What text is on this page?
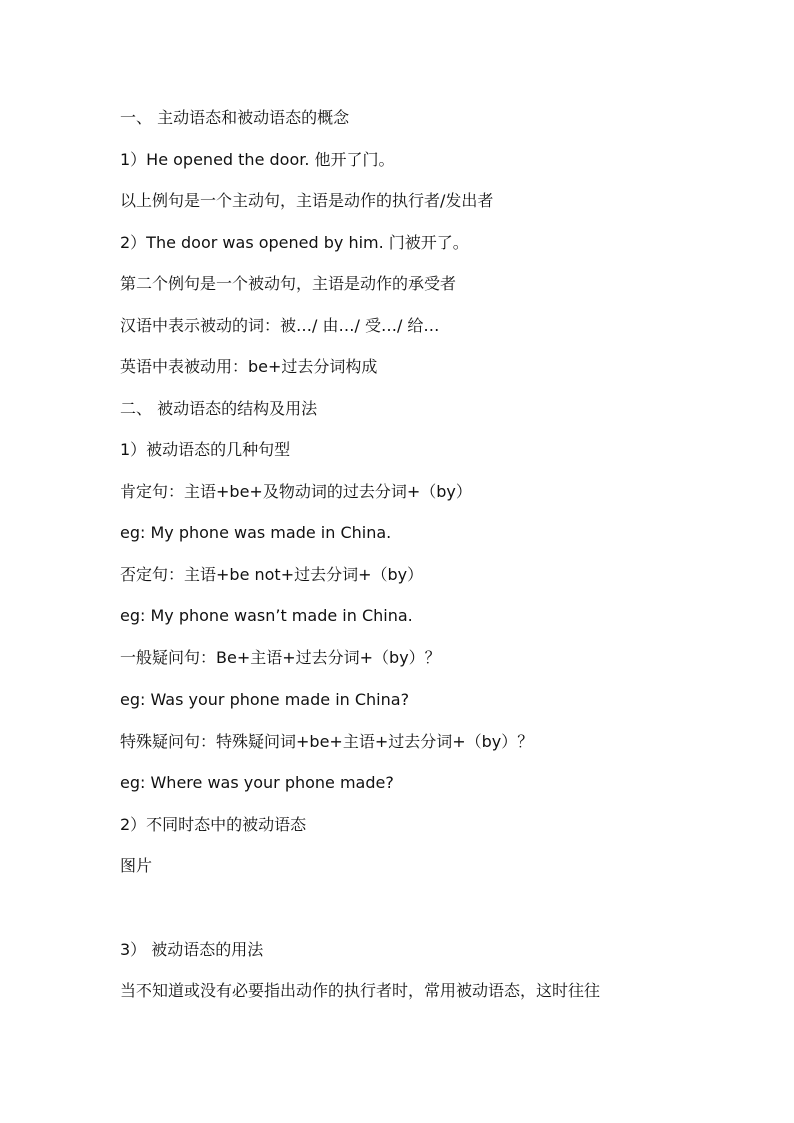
一、 主动语态和被动语态的概念
1）He opened the door. 他开了门。
以上例句是一个主动句，主语是动作的执行者/发出者
2）The door was opened by him. 门被开了。
第二个例句是一个被动句，主语是动作的承受者
汉语中表示被动的词：被…/ 由…/ 受…/ 给…
英语中表被动用：be+过去分词构成
二、 被动语态的结构及用法
1）被动语态的几种句型
肯定句：主语+be+及物动词的过去分词+（by）
eg: My phone was made in China.
否定句：主语+be not+过去分词+（by）
eg: My phone wasn’t made in China.
一般疑问句：Be+主语+过去分词+（by）？
eg: Was your phone made in China?
特殊疑问句：特殊疑问词+be+主语+过去分词+（by）？
eg: Where was your phone made?
2）不同时态中的被动语态
图片
3） 被动语态的用法
当不知道或没有必要指出动作的执行者时，常用被动语态，这时往往
